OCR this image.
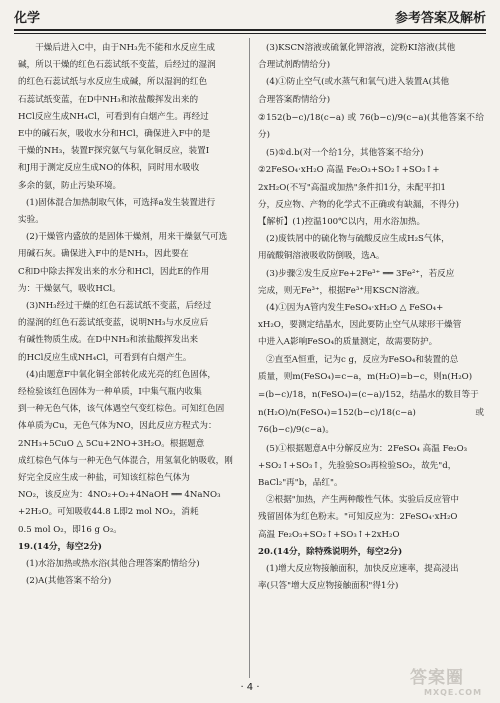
化学	参考答案及解析

干燥后进入C中，由于NH₃先不能和水反应生成

碱，所以干燥的红色石蕊试纸不变蓝，后经过的湿润

的红色石蕊试纸与水反应生成碱，所以湿润的红色

石蕊试纸变蓝，在D中NH₃和浓盐酸挥发出来的

HCl反应生成NH₄Cl，可看到有白烟产生。再经过

E中的碱石灰，吸收水分和HCl，确保进入F中的是

干燥的NH₃，装置F探究氨气与氧化铜反应，装置I

和J用于测定反应生成NO的体积，同时用水吸收

多余的氨，防止污染环境。

(1)固体混合加热制取气体，可选择a发生装置进行

实验。

(2)干燥管内盛放的是固体干燥剂，用来干燥氨气可选

用碱石灰。确保进入F中的是NH₃，因此要在

C和D中除去挥发出来的水分和HCl，因此E的作用

为：干燥氨气，吸收HCl。

(3)NH₃经过干燥的红色石蕊试纸不变蓝，后经过

的湿润的红色石蕊试纸变蓝，说明NH₃与水反应后

有碱性物质生成。在D中NH₃和浓盐酸挥发出来

的HCl反应生成NH₄Cl，可看到有白烟产生。

(4)由题意F中氧化铜全部转化成光亮的红色固体，

经检验该红色固体为一种单质，I中集气瓶内收集

到一种无色气体，该气体遇空气变红棕色。可知红色固

体单质为Cu，无色气体为NO，因此反应方程式为：

2NH₃+5CuO △ 5Cu+2NO+3H₂O。根据题意

成红棕色气体与一种无色气体混合，用氢氧化钠吸收，刚

好完全反应生成一种盐，可知该红棕色气体为

NO₂，该反应为：4NO₂+O₂+4NaOH ══ 4NaNO₃

+2H₂O。可知吸收44.8 L即2 mol NO₂，消耗

0.5 mol O₂，即16 g O₂。

19.(14分，每空2分)

(1)水浴加热或热水浴(其他合理答案酌情给分)

(2)A(其他答案不给分)

(3)KSCN溶液或硫氰化钾溶液，淀粉KI溶液(其他

合理试剂酌情给分)

(4)①防止空气(或水蒸气和氧气)进入装置A(其他

合理答案酌情给分)

②152(b−c)/18(c−a) 或 76(b−c)/9(c−a)(其他答案不给分)

(5)①d.b(对一个给1分，其他答案不给分)

②2FeSO₄·xH₂O 高温 Fe₂O₃+SO₂↑+SO₃↑+

2xH₂O(不写"高温或加热"条件扣1分，未配平扣1

分，反应物、产物的化学式不正确或有缺漏，不得分)

【解析】(1)控温100℃以内，用水浴加热。

(2)废铁屑中的硫化物与硫酸反应生成H₂S气体，

用硫酸铜溶液吸收防倒吸，选A。

(3)步骤②发生反应Fe+2Fe³⁺ ══ 3Fe²⁺，若反应

完成，则无Fe³⁺，根据Fe³⁺用KSCN溶液。

(4)①因为A管内发生FeSO₄·xH₂O △ FeSO₄+

xH₂O，要测定结晶水，因此要防止空气从球形干燥管

中进入A影响FeSO₄的质量测定，故需要防护。

②直至A恒重，记为c g，反应为FeSO₄和装置的总

质量，则m(FeSO₄)=c−a，m(H₂O)=b−c，则n(H₂O)

=(b−c)/18，n(FeSO₄)=(c−a)/152，结晶水的数目等于

n(H₂O)/n(FeSO₄)=152(b−c)/18(c−a) 或 76(b−c)/9(c−a)。

(5)①根据题意A中分解反应为：2FeSO₄ 高温 Fe₂O₃

+SO₂↑+SO₃↑，先验验SO₃再检验SO₂，故先"d，

BaCl₂"再"b，品红"。

②根据"加热，产生两种酸性气体。实验后反应管中

残留固体为红色粉末。"可知反应为：2FeSO₄·xH₂O

高温 Fe₂O₃+SO₂↑+SO₃↑+2xH₂O

20.(14分，除特殊说明外，每空2分)

(1)增大反应物接触面积，加快反应速率，提高浸出

率(只答"增大反应物接触面积"得1分)

· 4 ·	答案圈
MXQE.COM
